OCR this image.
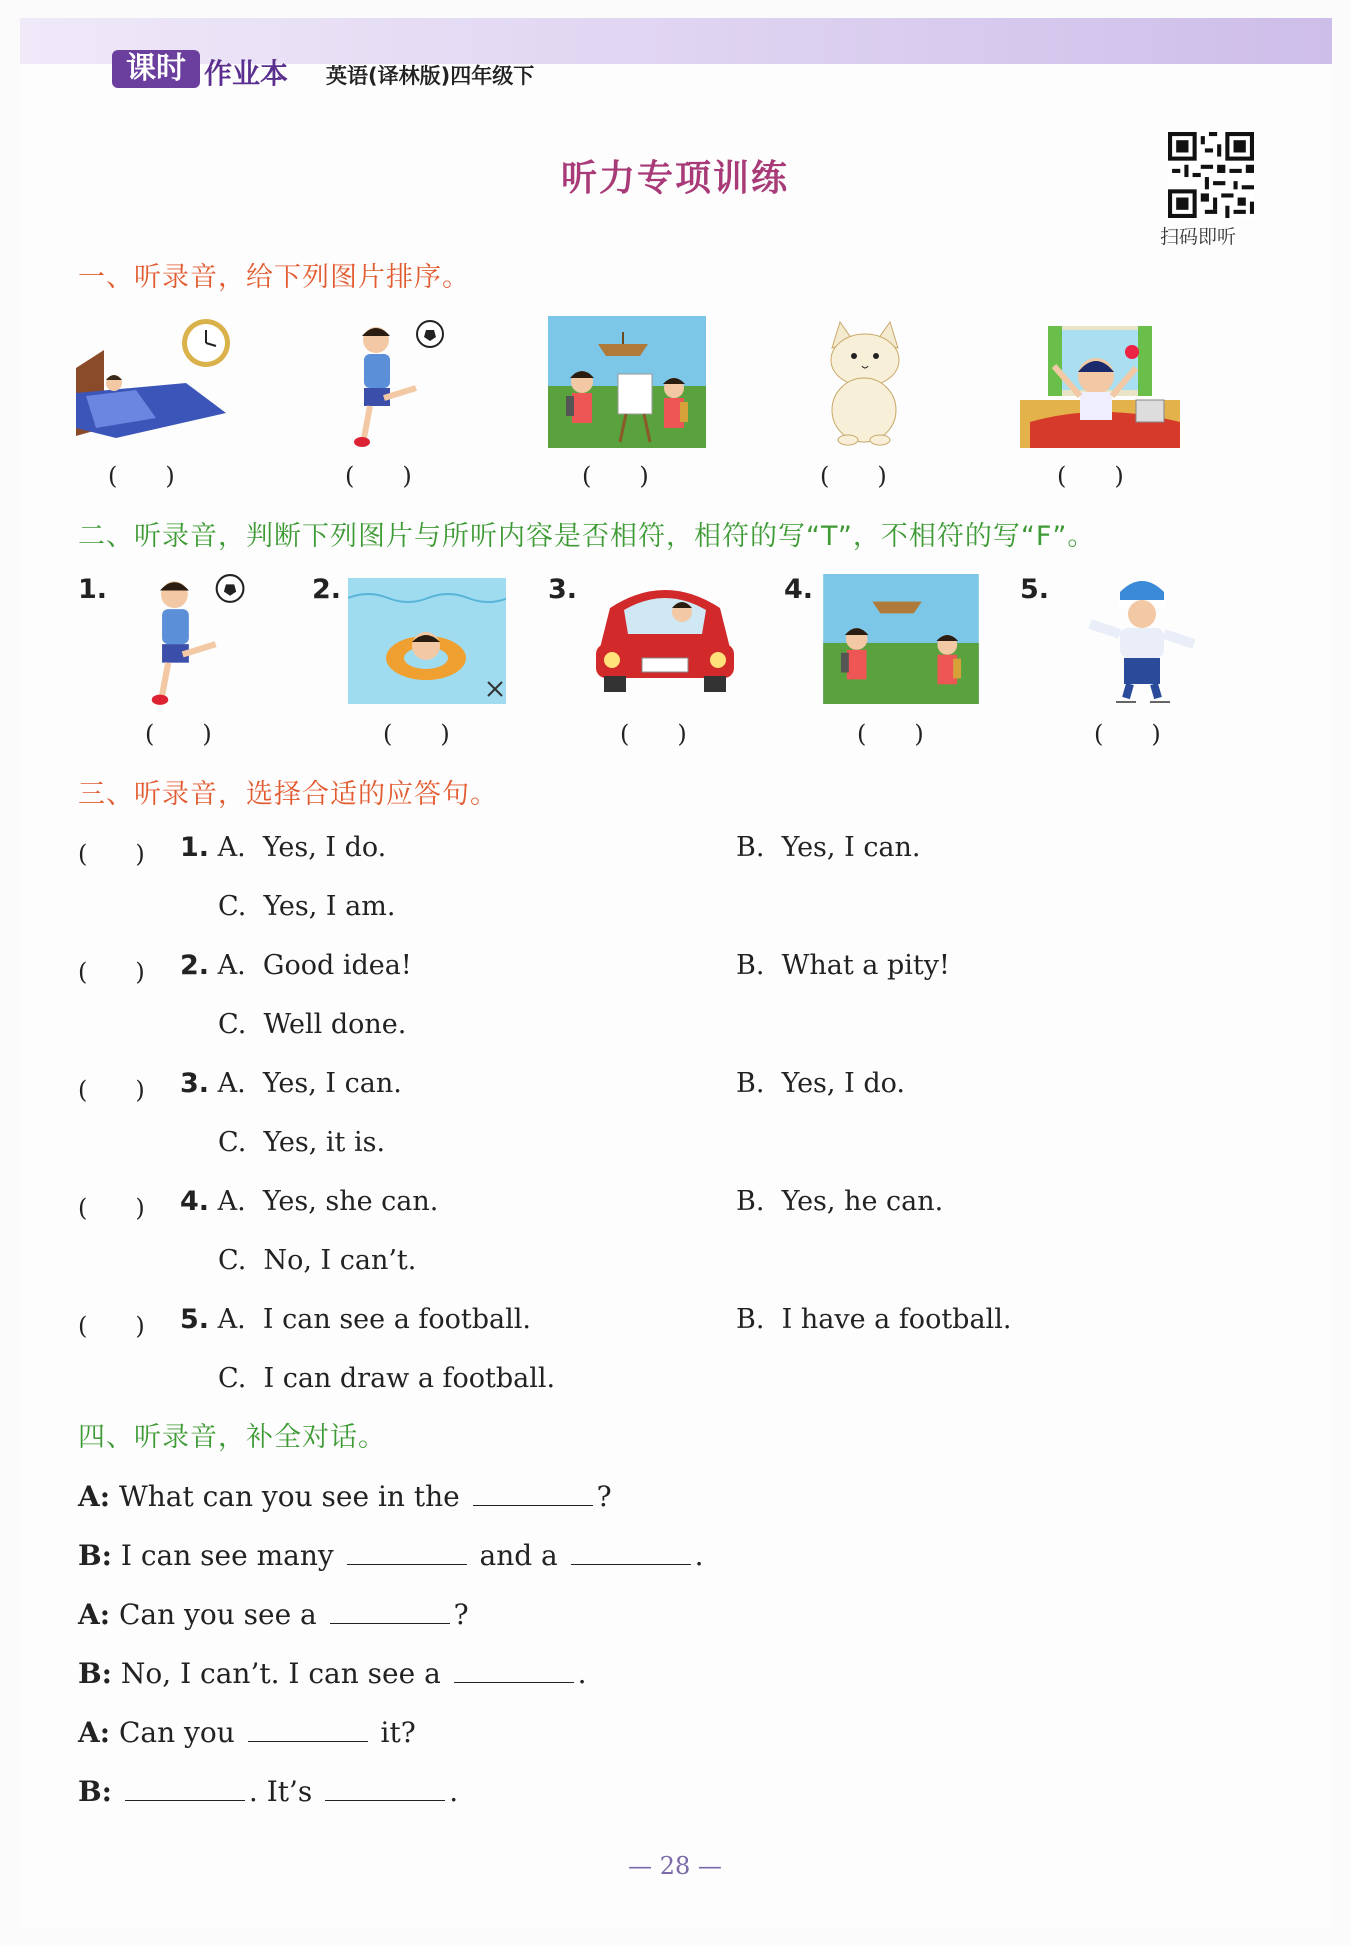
课时 作业本 英语(译林版)四年级下
听力专项训练
扫码即听
一、听录音，给下列图片排序。
(　　)	(　　)	(　　)	(　　)	(　　)
二、听录音，判断下列图片与所听内容是否相符，相符的写“T”，不相符的写“F”。
1.	2.	3.	4.	5.
(　　)	(　　)	(　　)	(　　)	(　　)
三、听录音，选择合适的应答句。
(　　) 1. A.  Yes, I do.	B.  Yes, I can.
C.  Yes, I am.
(　　) 2. A.  Good idea!	B.  What a pity!
C.  Well done.
(　　) 3. A.  Yes, I can.	B.  Yes, I do.
C.  Yes, it is.
(　　) 4. A.  Yes, she can.	B.  Yes, he can.
C.  No, I can’t.
(　　) 5. A.  I can see a football.	B.  I have a football.
C.  I can draw a football.
四、听录音，补全对话。
A: What can you see in the	?
B: I can see many	and a	.
A: Can you see a	?
B: No, I can’t. I can see a	.
A: Can you	it?
B:	. It’s	.
— 28 —
